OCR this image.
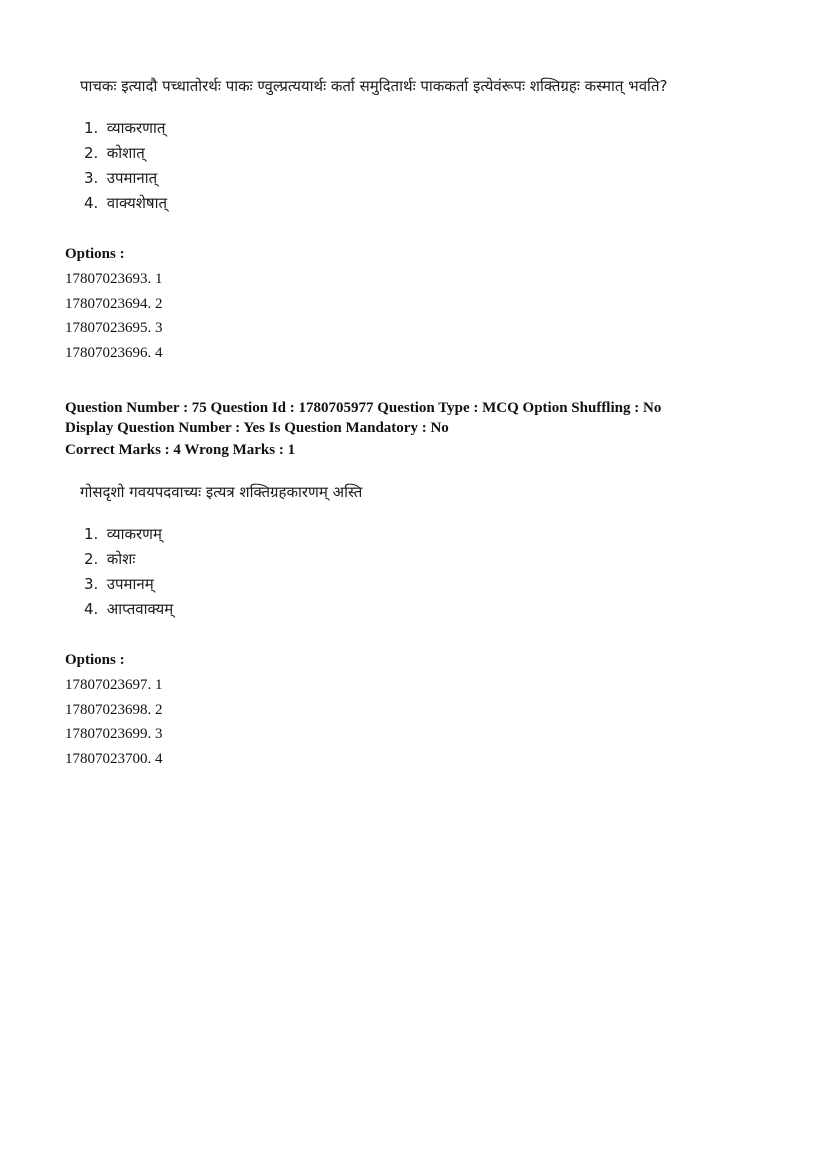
पाचकः इत्यादौ पच्धातोरर्थः पाकः ण्वुल्प्रत्ययार्थः कर्ता समुदितार्थः पाककर्ता इत्येवंरूपः शक्तिग्रहः कस्मात् भवति?
1. व्याकरणात्
2. कोशात्
3. उपमानात्
4. वाक्यशेषात्
Options :
17807023693. 1
17807023694. 2
17807023695. 3
17807023696. 4
Question Number : 75 Question Id : 1780705977 Question Type : MCQ Option Shuffling : No
Display Question Number : Yes Is Question Mandatory : No
Correct Marks : 4 Wrong Marks : 1
गोसदृशो गवयपदवाच्यः इत्यत्र शक्तिग्रहकारणम् अस्ति
1. व्याकरणम्
2. कोशः
3. उपमानम्
4. आप्तवाक्यम्
Options :
17807023697. 1
17807023698. 2
17807023699. 3
17807023700. 4
